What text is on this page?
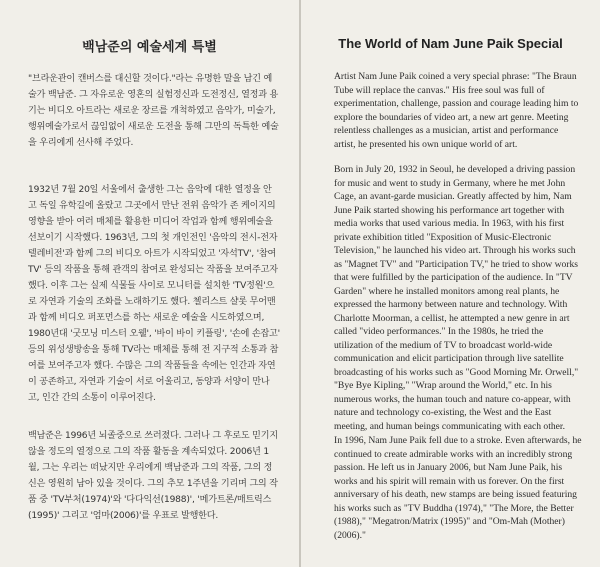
백남준의 예술세계 특별

"브라운관이 캔버스를 대신할 것이다."라는 유명한 말을 남긴 예술가 백남준. 그 자유로운 영혼의 실험정신과 도전정신, 열정과 용기는 비디오 아트라는 새로운 장르를 개척하였고 음악가, 미술가, 행위예술가로서 끊임없이 새로운 도전을 통해 그만의 독특한 예술을 우리에게 선사해 주었다.

1932년 7월 20일 서울에서 출생한 그는 음악에 대한 열정을 안고 독일 유학길에 올랐고 그곳에서 만난 전위 음악가 존 케이지의 영향을 받아 여러 매체를 활용한 미디어 작업과 함께 행위예술을 선보이기 시작했다. 1963년, 그의 첫 개인전인 '음악의 전시-전자텔레비전'과 함께 그의 비디오 아트가 시작되었고 '자석TV', '참여TV' 등의 작품을 통해 관객의 참여로 완성되는 작품을 보여주고자 했다. 이후 그는 실제 식물들 사이로 모니터를 설치한 'TV정원'으로 자연과 기술의 조화를 노래하기도 했다. 첼리스트 샬롯 무어맨과 함께 비디오 퍼포먼스를 하는 새로운 예술을 시도하였으며, 1980년대 '굿모닝 미스터 오웰', '바이 바이 키플링', '손에 손잡고' 등의 위성생방송을 통해 TV라는 매체를 통해 전 지구적 소통과 참여를 보여주고자 했다. 수많은 그의 작품들을 속에는 인간과 자연이 공존하고, 자연과 기술이 서로 어울리고, 동양과 서양이 만나고, 인간 간의 소통이 이루어진다.

백남준은 1996년 뇌졸중으로 쓰러졌다. 그러나 그 후로도 믿기지 않을 정도의 열정으로 그의 작품 활동을 계속되었다. 2006년 1월, 그는 우리는 떠났지만 우리에게 백남준과 그의 작품, 그의 정신은 영원히 남아 있을 것이다. 그의 추모 1주년을 기리며 그의 작품 중 'TV부처(1974)'와 '다다익선(1988)', '메가트론/매트릭스(1995)' 그리고 '엄마(2006)'를 우표로 발행한다.

The World of Nam June Paik Special

Artist Nam June Paik coined a very special phrase: "The Braun Tube will replace the canvas." His free soul was full of experimentation, challenge, passion and courage leading him to explore the boundaries of video art, a new art genre. Meeting relentless challenges as a musician, artist and performance artist, he presented his own unique world of art.

Born in July 20, 1932 in Seoul, he developed a driving passion for music and went to study in Germany, where he met John Cage, an avant-garde musician. Greatly affected by him, Nam June Paik started showing his performance art together with media works that used various media. In 1963, with his first private exhibition titled "Exposition of Music-Electronic Television," he launched his video art. Through his works such as "Magnet TV" and "Participation TV," he tried to show works that were fulfilled by the participation of the audience. In "TV Garden" where he installed monitors among real plants, he expressed the harmony between nature and technology. With Charlotte Moorman, a cellist, he attempted a new genre in art called "video performances." In the 1980s, he tried the utilization of the medium of TV to broadcast world-wide communication and elicit participation through live satellite broadcasting of his works such as "Good Morning Mr. Orwell," "Bye Bye Kipling," "Wrap around the World," etc. In his numerous works, the human touch and nature co-appear, with nature and technology co-existing, the West and the East meeting, and human beings communicating with each other.

In 1996, Nam June Paik fell due to a stroke. Even afterwards, he continued to create admirable works with an incredibly strong passion. He left us in January 2006, but Nam June Paik, his works and his spirit will remain with us forever. On the first anniversary of his death, new stamps are being issued featuring his works such as "TV Buddha (1974)," "The More, the Better (1988)," "Megatron/Matrix (1995)" and "Om-Mah (Mother) (2006)."
